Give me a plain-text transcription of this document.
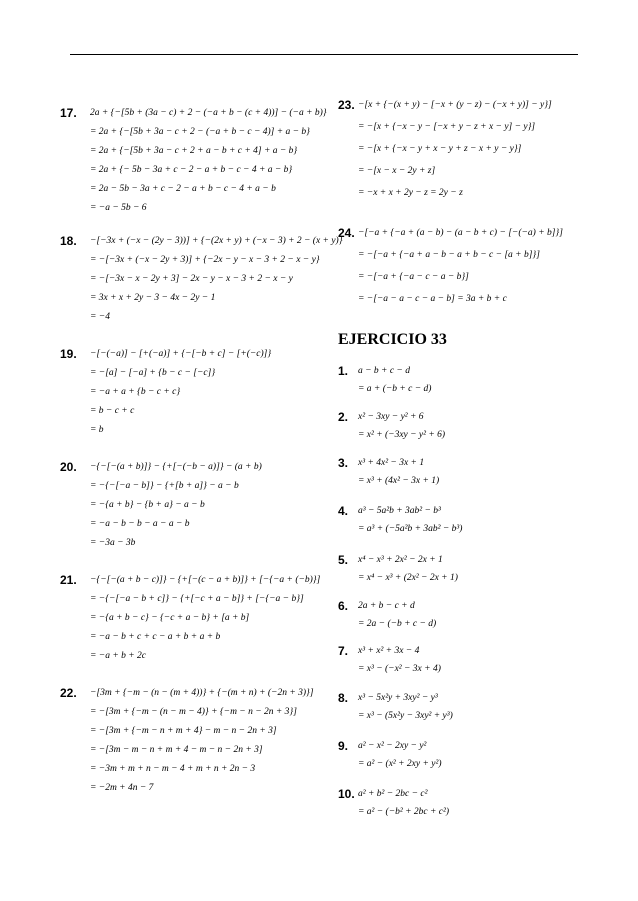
17. 2a + {−[5b + (3a − c) + 2 − (−a + b − (c + 4))] − (−a + b)}
= 2a + {−[5b + 3a − c + 2 − (−a + b − c − 4)] + a − b}
= 2a + {−[5b + 3a − c + 2 + a − b + c + 4] + a − b}
= 2a + {− 5b − 3a + c − 2 − a + b − c − 4 + a − b}
= 2a − 5b − 3a + c − 2 − a + b − c − 4 + a − b
= −a − 5b − 6
18. −[−3x + (−x − (2y − 3))] + {−(2x + y) + (−x − 3) + 2 − (x + y)}
= −[−3x + (−x − 2y + 3)] + {−2x − y − x − 3 + 2 − x − y}
= −[−3x − x − 2y + 3] − 2x − y − x − 3 + 2 − x − y
= 3x + x + 2y − 3 − 4x − 2y − 1
= −4
19. −[−(−a)] − [+(−a)] + {−[−b + c] − [+(−c)]}
= −[a] − [−a] + {b − c − [−c]}
= −a + a + {b − c + c}
= b − c + c
= b
20. −{−[−(a + b)]} − {+[−(−b − a)]} − (a + b)
= −{−[−a − b]} − {+[b + a]} − a − b
= −{a + b} − {b + a} − a − b
= −a − b − b − a − a − b
= −3a − 3b
21. −{−[−(a + b − c)]} − {+[−(c − a + b)]} + [−{−a + (−b)}]
= −{−[−a − b + c]} − {+[−c + a − b]} + [−{−a − b}]
= −{a + b − c} − {−c + a − b} + [a + b]
= −a − b + c + c − a + b + a + b
= −a + b + 2c
22. −[3m + {−m − (n − (m + 4))} + {−(m + n) + (−2n + 3)}]
= −[3m + {−m − (n − m − 4)} + {−m − n − 2n + 3}]
= −[3m + {−m − n + m + 4} − m − n − 2n + 3]
= −[3m − m − n + m + 4 − m − n − 2n + 3]
= −3m + m + n − m − 4 + m + n + 2n − 3
= −2m + 4n − 7
EJERCICIO 33
23. −[x + {−(x + y) − [−x + (y − z) − (−x + y)] − y}]
= −[x + {−x − y − [−x + y − z + x − y] − y}]
= −[x + {−x − y + x − y + z − x + y − y}]
= −[x − x − 2y + z]
= −x + x + 2y − z = 2y − z
24. −[−a + {−a + (a − b) − (a − b + c) − [−(−a) + b]}]
= −[−a + {−a + a − b − a + b − c − [a + b]}]
= −[−a + {−a − c − a − b}]
= −[−a − a − c − a − b] = 3a + b + c
1. a − b + c − d
= a + (−b + c − d)
2. x² − 3xy − y² + 6
= x² + (−3xy − y² + 6)
3. x³ + 4x² − 3x + 1
= x³ + (4x² − 3x + 1)
4. a³ − 5a²b + 3ab² − b³
= a³ + (−5a²b + 3ab² − b³)
5. x⁴ − x³ + 2x² − 2x + 1
= x⁴ − x³ + (2x² − 2x + 1)
6. 2a + b − c + d
= 2a − (−b + c − d)
7. x³ + x² + 3x − 4
= x³ − (−x² − 3x + 4)
8. x³ − 5x²y + 3xy² − y³
= x³ − (5x²y − 3xy² + y³)
9. a² − x² − 2xy − y²
= a² − (x² + 2xy + y²)
10. a² + b² − 2bc − c²
= a² − (−b² + 2bc + c²)
